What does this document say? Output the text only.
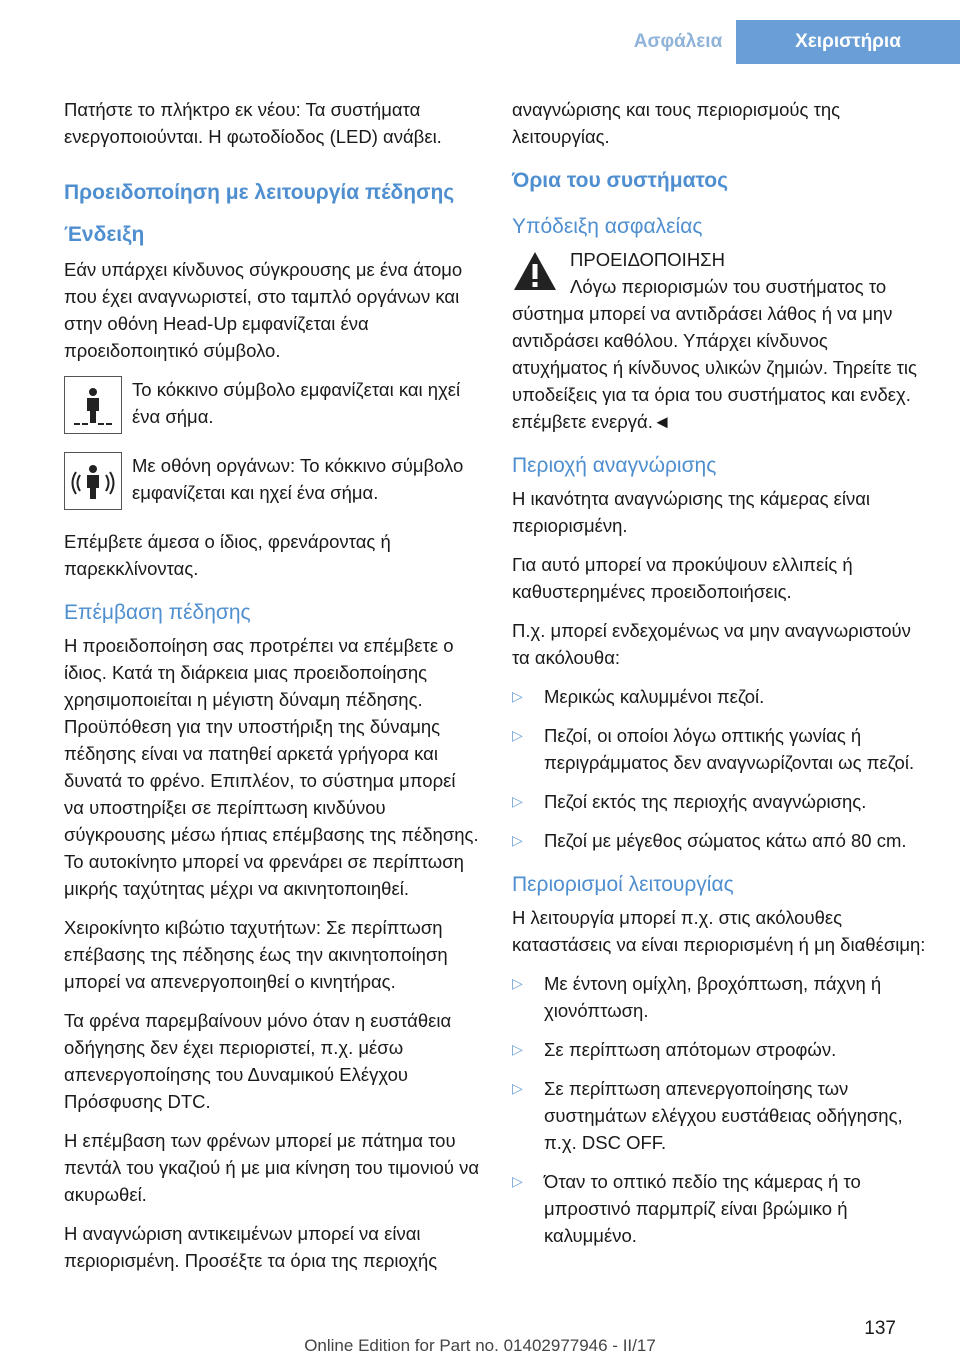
Ασφάλεια	Χειριστήρια

Πατήστε το πλήκτρο εκ νέου: Τα συστήματα ενεργοποιούνται. Η φωτοδίοδος (LED) ανάβει.

Προειδοποίηση με λειτουργία πέδησης
Ένδειξη

Εάν υπάρχει κίνδυνος σύγκρουσης με ένα άτομο που έχει αναγνωριστεί, στο ταμπλό οργάνων και στην οθόνη Head-Up εμφανίζεται ένα προειδοποιητικό σύμβολο.

Το κόκκινο σύμβολο εμφανίζεται και ηχεί ένα σήμα.
Με οθόνη οργάνων: Το κόκκινο σύμβολο εμφανίζεται και ηχεί ένα σήμα.

Επέμβετε άμεσα ο ίδιος, φρενάροντας ή παρεκκλίνοντας.

Επέμβαση πέδησης

Η προειδοποίηση σας προτρέπει να επέμβετε ο ίδιος. Κατά τη διάρκεια μιας προειδοποίησης χρησιμοποιείται η μέγιστη δύναμη πέδησης. Προϋπόθεση για την υποστήριξη της δύναμης πέδησης είναι να πατηθεί αρκετά γρήγορα και δυνατά το φρένο. Επιπλέον, το σύστημα μπορεί να υποστηρίξει σε περίπτωση κινδύνου σύγκρουσης μέσω ήπιας επέμβασης της πέδησης. Το αυτοκίνητο μπορεί να φρενάρει σε περίπτωση μικρής ταχύτητας μέχρι να ακινητοποιηθεί.

Χειροκίνητο κιβώτιο ταχυτήτων: Σε περίπτωση επέβασης της πέδησης έως την ακινητοποίηση μπορεί να απενεργοποιηθεί ο κινητήρας.

Τα φρένα παρεμβαίνουν μόνο όταν η ευστάθεια οδήγησης δεν έχει περιοριστεί, π.χ. μέσω απενεργοποίησης του Δυναμικού Ελέγχου Πρόσφυσης DTC.

Η επέμβαση των φρένων μπορεί με πάτημα του πεντάλ του γκαζιού ή με μια κίνηση του τιμονιού να ακυρωθεί.

Η αναγνώριση αντικειμένων μπορεί να είναι περιορισμένη. Προσέξτε τα όρια της περιοχής

αναγνώρισης και τους περιορισμούς της λειτουργίας.

Όρια του συστήματος
Υπόδειξη ασφαλείας
ΠΡΟΕΙΔΟΠΟΙΗΣΗ
Λόγω περιορισμών του συστήματος το σύστημα μπορεί να αντιδράσει λάθος ή να μην αντιδράσει καθόλου. Υπάρχει κίνδυνος ατυχήματος ή κίνδυνος υλικών ζημιών. Τηρείτε τις υποδείξεις για τα όρια του συστήματος και ενδεχ. επέμβετε ενεργά.◄
Περιοχή αναγνώρισης

Η ικανότητα αναγνώρισης της κάμερας είναι περιορισμένη.

Για αυτό μπορεί να προκύψουν ελλιπείς ή καθυστερημένες προειδοποιήσεις.

Π.χ. μπορεί ενδεχομένως να μην αναγνωριστούν τα ακόλουθα:

▷ Μερικώς καλυμμένοι πεζοί.
▷ Πεζοί, οι οποίοι λόγω οπτικής γωνίας ή περιγράμματος δεν αναγνωρίζονται ως πεζοί.
▷ Πεζοί εκτός της περιοχής αναγνώρισης.
▷ Πεζοί με μέγεθος σώματος κάτω από 80 cm.
Περιορισμοί λειτουργίας

Η λειτουργία μπορεί π.χ. στις ακόλουθες καταστάσεις να είναι περιορισμένη ή μη διαθέσιμη:

▷ Με έντονη ομίχλη, βροχόπτωση, πάχνη ή χιονόπτωση.
▷ Σε περίπτωση απότομων στροφών.
▷ Σε περίπτωση απενεργοποίησης των συστημάτων ελέγχου ευστάθειας οδήγησης, π.χ. DSC OFF.
▷ Όταν το οπτικό πεδίο της κάμερας ή το μπροστινό παρμπρίζ είναι βρώμικο ή καλυμμένο.
137
Online Edition for Part no. 01402977946 - II/17
